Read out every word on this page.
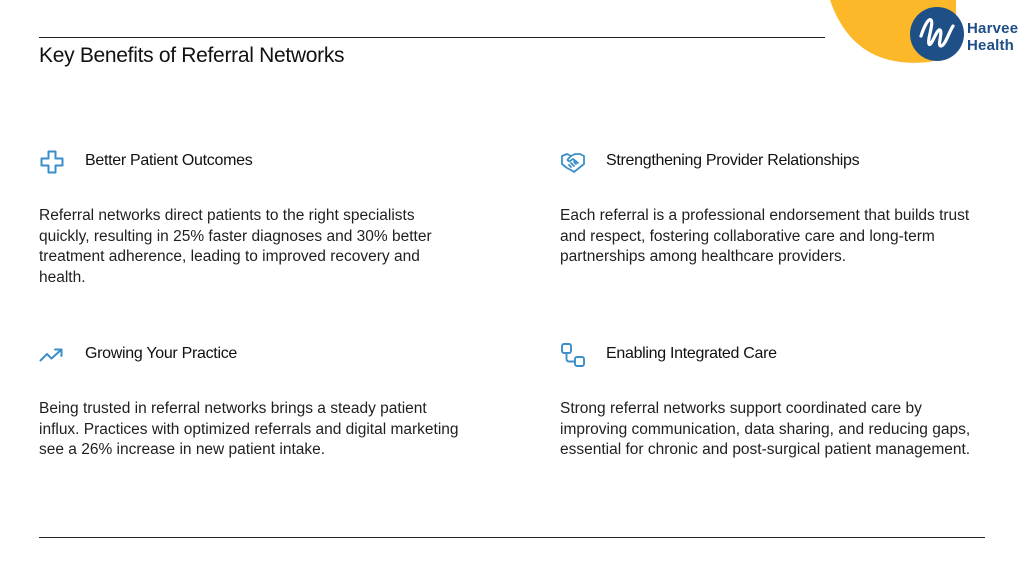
Key Benefits of Referral Networks
Harvee
Health
Better Patient Outcomes
Referral networks direct patients to the right specialists quickly, resulting in 25% faster diagnoses and 30% better treatment adherence, leading to improved recovery and health.
Strengthening Provider Relationships
Each referral is a professional endorsement that builds trust and respect, fostering collaborative care and long-term partnerships among healthcare providers.
Growing Your Practice
Being trusted in referral networks brings a steady patient influx. Practices with optimized referrals and digital marketing see a 26% increase in new patient intake.
Enabling Integrated Care
Strong referral networks support coordinated care by improving communication, data sharing, and reducing gaps, essential for chronic and post-surgical patient management.
